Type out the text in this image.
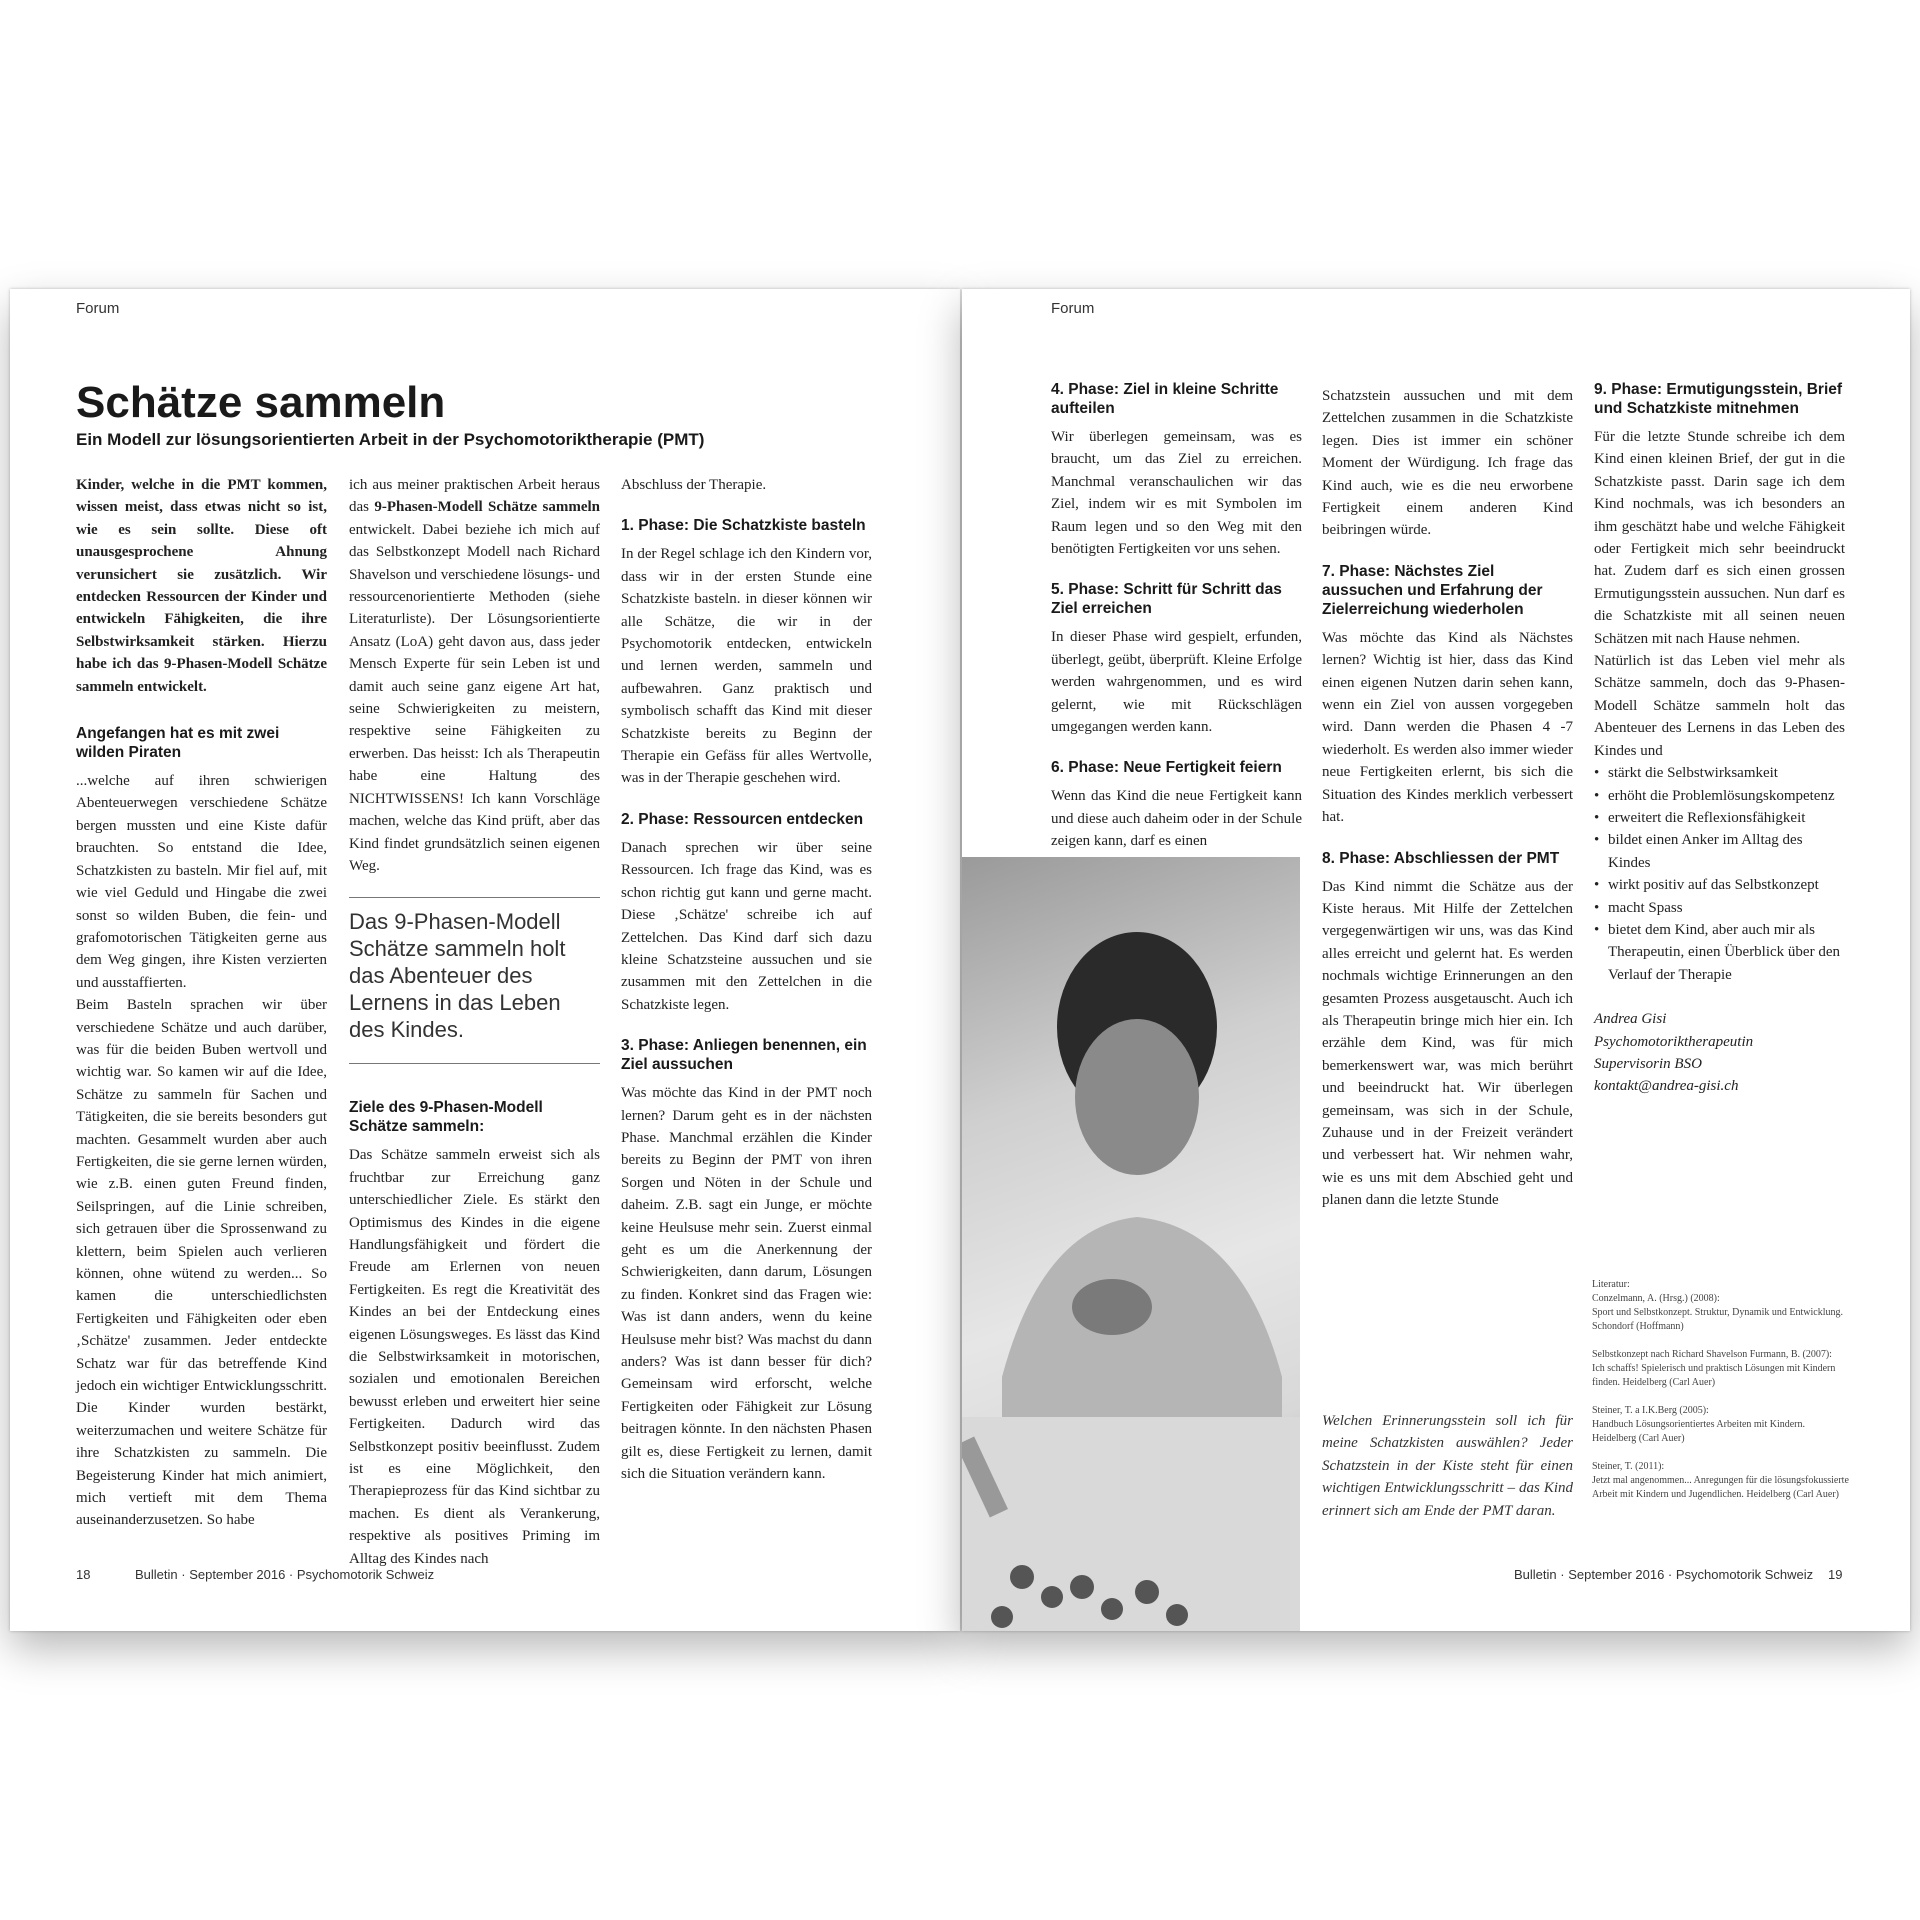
Forum
Schätze sammeln
Ein Modell zur lösungsorientierten Arbeit in der Psychomotoriktherapie (PMT)

Kinder, welche in die PMT kommen, wissen meist, dass etwas nicht so ist, wie es sein sollte. Diese oft unausgesprochene Ahnung verunsichert sie zusätzlich. Wir entdecken Ressourcen der Kinder und entwickeln Fähigkeiten, die ihre Selbstwirksamkeit stärken. Hierzu habe ich das 9-Phasen-Modell Schätze sammeln entwickelt.

Angefangen hat es mit zwei wilden Piraten

...welche auf ihren schwierigen Abenteuerwegen verschiedene Schätze bergen mussten und eine Kiste dafür brauchten. So entstand die Idee, Schatzkisten zu basteln. Mir fiel auf, mit wie viel Geduld und Hingabe die zwei sonst so wilden Buben, die fein- und grafomotorischen Tätigkeiten gerne aus dem Weg gingen, ihre Kisten verzierten und ausstaffierten.

Beim Basteln sprachen wir über verschiedene Schätze und auch darüber, was für die beiden Buben wertvoll und wichtig war. So kamen wir auf die Idee, Schätze zu sammeln für Sachen und Tätigkeiten, die sie bereits besonders gut machten. Gesammelt wurden aber auch Fertigkeiten, die sie gerne lernen würden, wie z.B. einen guten Freund finden, Seilspringen, auf die Linie schreiben, sich getrauen über die Sprossenwand zu klettern, beim Spielen auch verlieren können, ohne wütend zu werden... So kamen die unterschiedlichsten Fertigkeiten und Fähigkeiten oder eben ‚Schätze' zusammen. Jeder entdeckte Schatz war für das betreffende Kind jedoch ein wichtiger Entwicklungsschritt. Die Kinder wurden bestärkt, weiterzumachen und weitere Schätze für ihre Schatzkisten zu sammeln. Die Begeisterung Kinder hat mich animiert, mich vertieft mit dem Thema auseinanderzusetzen. So habe

ich aus meiner praktischen Arbeit heraus das 9-Phasen-Modell Schätze sammeln entwickelt. Dabei beziehe ich mich auf das Selbstkonzept Modell nach Richard Shavelson und verschiedene lösungs- und ressourcenorientierte Methoden (siehe Literaturliste). Der Lösungsorientierte Ansatz (LoA) geht davon aus, dass jeder Mensch Experte für sein Leben ist und damit auch seine ganz eigene Art hat, seine Schwierigkeiten zu meistern, respektive seine Fähigkeiten zu erwerben. Das heisst: Ich als Therapeutin habe eine Haltung des NICHTWISSENS! Ich kann Vorschläge machen, welche das Kind prüft, aber das Kind findet grundsätzlich seinen eigenen Weg.

Das 9-Phasen-Modell Schätze sammeln holt das Abenteuer des Lernens in das Leben des Kindes.
Ziele des 9-Phasen-Modell Schätze sammeln:

Das Schätze sammeln erweist sich als fruchtbar zur Erreichung ganz unterschiedlicher Ziele. Es stärkt den Optimismus des Kindes in die eigene Handlungsfähigkeit und fördert die Freude am Erlernen von neuen Fertigkeiten. Es regt die Kreativität des Kindes an bei der Entdeckung eines eigenen Lösungsweges. Es lässt das Kind die Selbstwirksamkeit in motorischen, sozialen und emotionalen Bereichen bewusst erleben und erweitert hier seine Fertigkeiten. Dadurch wird das Selbstkonzept positiv beeinflusst. Zudem ist es eine Möglichkeit, den Therapieprozess für das Kind sichtbar zu machen. Es dient als Verankerung, respektive als positives Priming im Alltag des Kindes nach

Abschluss der Therapie.

1. Phase: Die Schatzkiste basteln

In der Regel schlage ich den Kindern vor, dass wir in der ersten Stunde eine Schatzkiste basteln. in dieser können wir alle Schätze, die wir in der Psychomotorik entdecken, entwickeln und lernen werden, sammeln und aufbewahren. Ganz praktisch und symbolisch schafft das Kind mit dieser Schatzkiste bereits zu Beginn der Therapie ein Gefäss für alles Wertvolle, was in der Therapie geschehen wird.

2. Phase: Ressourcen entdecken

Danach sprechen wir über seine Ressourcen. Ich frage das Kind, was es schon richtig gut kann und gerne macht. Diese ‚Schätze' schreibe ich auf Zettelchen. Das Kind darf sich dazu kleine Schatzsteine aussuchen und sie zusammen mit den Zettelchen in die Schatzkiste legen.

3. Phase: Anliegen benennen, ein Ziel aussuchen

Was möchte das Kind in der PMT noch lernen? Darum geht es in der nächsten Phase. Manchmal erzählen die Kinder bereits zu Beginn der PMT von ihren Sorgen und Nöten in der Schule und daheim. Z.B. sagt ein Junge, er möchte keine Heulsuse mehr sein. Zuerst einmal geht es um die Anerkennung der Schwierigkeiten, dann darum, Lösungen zu finden. Konkret sind das Fragen wie: Was ist dann anders, wenn du keine Heulsuse mehr bist? Was machst du dann anders? Was ist dann besser für dich? Gemeinsam wird erforscht, welche Fertigkeiten oder Fähigkeit zur Lösung beitragen könnte. In den nächsten Phasen gilt es, diese Fertigkeit zu lernen, damit sich die Situation verändern kann.

18	Bulletin · September 2016 · Psychomotorik Schweiz
Forum
4. Phase: Ziel in kleine Schritte aufteilen

Wir überlegen gemeinsam, was es braucht, um das Ziel zu erreichen. Manchmal veranschaulichen wir das Ziel, indem wir es mit Symbolen im Raum legen und so den Weg mit den benötigten Fertigkeiten vor uns sehen.

5. Phase: Schritt für Schritt das Ziel erreichen

In dieser Phase wird gespielt, erfunden, überlegt, geübt, überprüft. Kleine Erfolge werden wahrgenommen, und es wird gelernt, wie mit Rückschlägen umgegangen werden kann.

6. Phase: Neue Fertigkeit feiern

Wenn das Kind die neue Fertigkeit kann und diese auch daheim oder in der Schule zeigen kann, darf es einen

Schatzstein aussuchen und mit dem Zettelchen zusammen in die Schatzkiste legen. Dies ist immer ein schöner Moment der Würdigung. Ich frage das Kind auch, wie es die neu erworbene Fertigkeit einem anderen Kind beibringen würde.

7. Phase: Nächstes Ziel aussuchen und Erfahrung der Zielerreichung wiederholen

Was möchte das Kind als Nächstes lernen? Wichtig ist hier, dass das Kind einen eigenen Nutzen darin sehen kann, wenn ein Ziel von aussen vorgegeben wird. Dann werden die Phasen 4 -7 wiederholt. Es werden also immer wieder neue Fertigkeiten erlernt, bis sich die Situation des Kindes merklich verbessert hat.

8. Phase: Abschliessen der PMT

Das Kind nimmt die Schätze aus der Kiste heraus. Mit Hilfe der Zettelchen vergegenwärtigen wir uns, was das Kind alles erreicht und gelernt hat. Es werden nochmals wichtige Erinnerungen an den gesamten Prozess ausgetauscht. Auch ich als Therapeutin bringe mich hier ein. Ich erzähle dem Kind, was für mich bemerkenswert war, was mich berührt und beeindruckt hat. Wir überlegen gemeinsam, was sich in der Schule, Zuhause und in der Freizeit verändert und verbessert hat. Wir nehmen wahr, wie es uns mit dem Abschied geht und planen dann die letzte Stunde

Welchen Erinnerungsstein soll ich für meine Schatzkisten auswählen? Jeder Schatzstein in der Kiste steht für einen wichtigen Entwicklungsschritt – das Kind erinnert sich am Ende der PMT daran.
9. Phase: Ermutigungsstein, Brief und Schatzkiste mitnehmen

Für die letzte Stunde schreibe ich dem Kind einen kleinen Brief, der gut in die Schatzkiste passt. Darin sage ich dem Kind nochmals, was ich besonders an ihm geschätzt habe und welche Fähigkeit oder Fertigkeit mich sehr beeindruckt hat. Zudem darf es sich einen grossen Ermutigungsstein aussuchen. Nun darf es die Schatzkiste mit all seinen neuen Schätzen mit nach Hause nehmen.

Natürlich ist das Leben viel mehr als Schätze sammeln, doch das 9-Phasen-Modell Schätze sammeln holt das Abenteuer des Lernens in das Leben des Kindes und

• stärkt die Selbstwirksamkeit
• erhöht die Problemlösungskompetenz
• erweitert die Reflexionsfähigkeit
• bildet einen Anker im Alltag des Kindes
• wirkt positiv auf das Selbstkonzept
• macht Spass
• bietet dem Kind, aber auch mir als Therapeutin, einen Überblick über den Verlauf der Therapie
Andrea Gisi
Psychomotoriktherapeutin
Supervisorin BSO
kontakt@andrea-gisi.ch
Literatur:

Conzelmann, A. (Hrsg.) (2008):
Sport und Selbstkonzept. Struktur, Dynamik und Entwicklung. Schondorf (Hoffmann)

Selbstkonzept nach Richard Shavelson Furmann, B. (2007):
Ich schaffs! Spielerisch und praktisch Lösungen mit Kindern finden. Heidelberg (Carl Auer)

Steiner, T. a I.K.Berg (2005):
Handbuch Lösungsorientiertes Arbeiten mit Kindern. Heidelberg (Carl Auer)

Steiner, T. (2011):
Jetzt mal angenommen... Anregungen für die lösungsfokussierte Arbeit mit Kindern und Jugendlichen. Heidelberg (Carl Auer)

Bulletin · September 2016 · Psychomotorik Schweiz 19
